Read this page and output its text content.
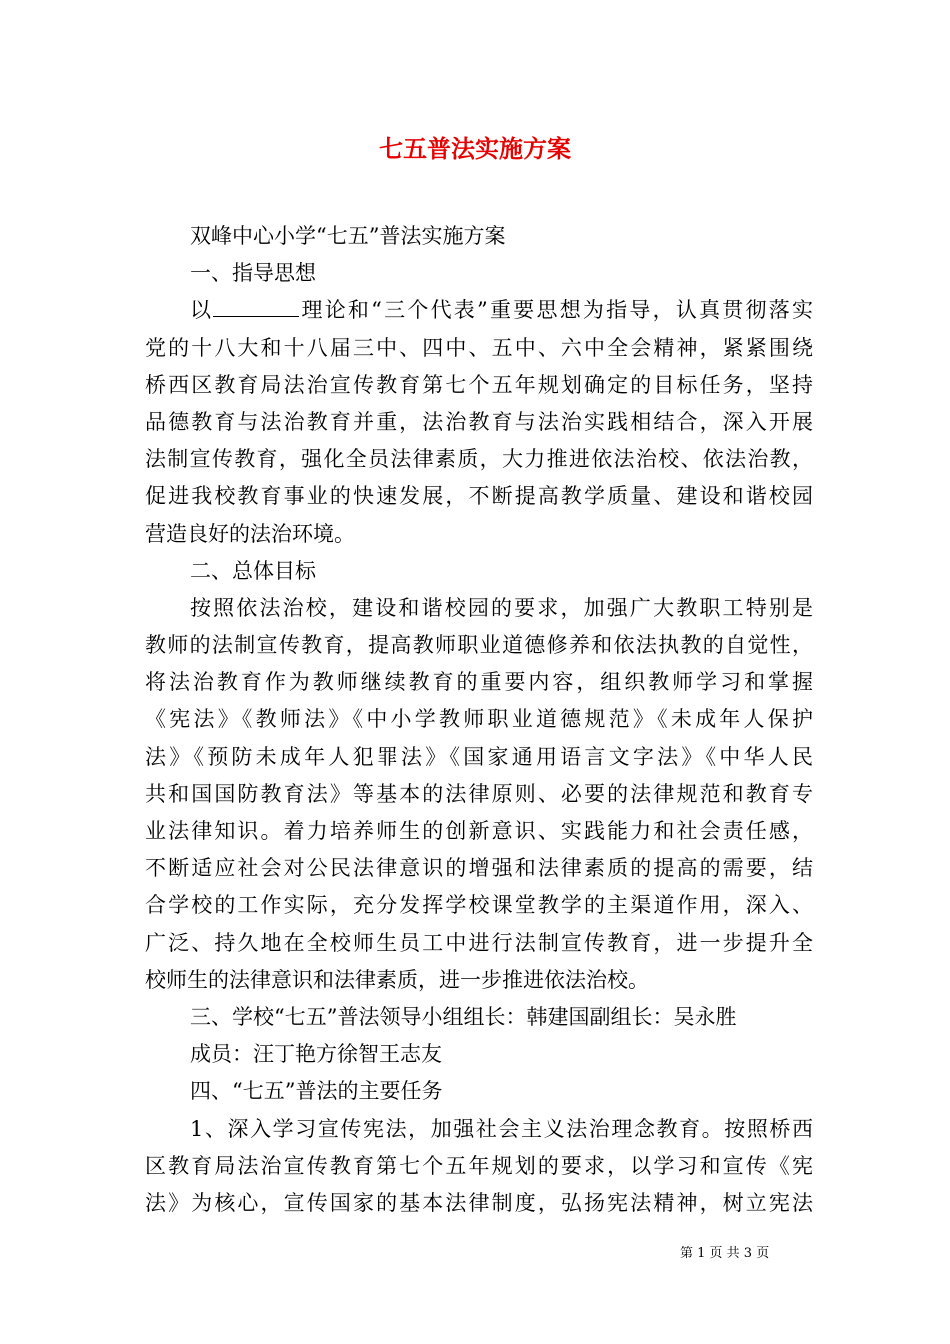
七五普法实施方案
双峰中心小学“七五”普法实施方案
一、指导思想
以	理论和“三个代表”重要思想为指导，认真贯彻落实
党的十八大和十八届三中、四中、五中、六中全会精神，紧紧围绕
桥西区教育局法治宣传教育第七个五年规划确定的目标任务，坚持
品德教育与法治教育并重，法治教育与法治实践相结合，深入开展
法制宣传教育，强化全员法律素质，大力推进依法治校、依法治教，
促进我校教育事业的快速发展，不断提高教学质量、建设和谐校园
营造良好的法治环境。
二、总体目标
按照依法治校，建设和谐校园的要求，加强广大教职工特别是
教师的法制宣传教育，提高教师职业道德修养和依法执教的自觉性，
将法治教育作为教师继续教育的重要内容，组织教师学习和掌握
《宪法》《教师法》《中小学教师职业道德规范》《未成年人保护
法》《预防未成年人犯罪法》《国家通用语言文字法》《中华人民
共和国国防教育法》等基本的法律原则、必要的法律规范和教育专
业法律知识。着力培养师生的创新意识、实践能力和社会责任感，
不断适应社会对公民法律意识的增强和法律素质的提高的需要，结
合学校的工作实际，充分发挥学校课堂教学的主渠道作用，深入、
广泛、持久地在全校师生员工中进行法制宣传教育，进一步提升全
校师生的法律意识和法律素质，进一步推进依法治校。
三、学校“七五”普法领导小组组长：韩建国副组长：吴永胜
成员：汪丁艳方徐智王志友
四、“七五”普法的主要任务
1、深入学习宣传宪法，加强社会主义法治理念教育。按照桥西
区教育局法治宣传教育第七个五年规划的要求，以学习和宣传《宪
法》为核心，宣传国家的基本法律制度，弘扬宪法精神，树立宪法
第 1 页 共 3 页
